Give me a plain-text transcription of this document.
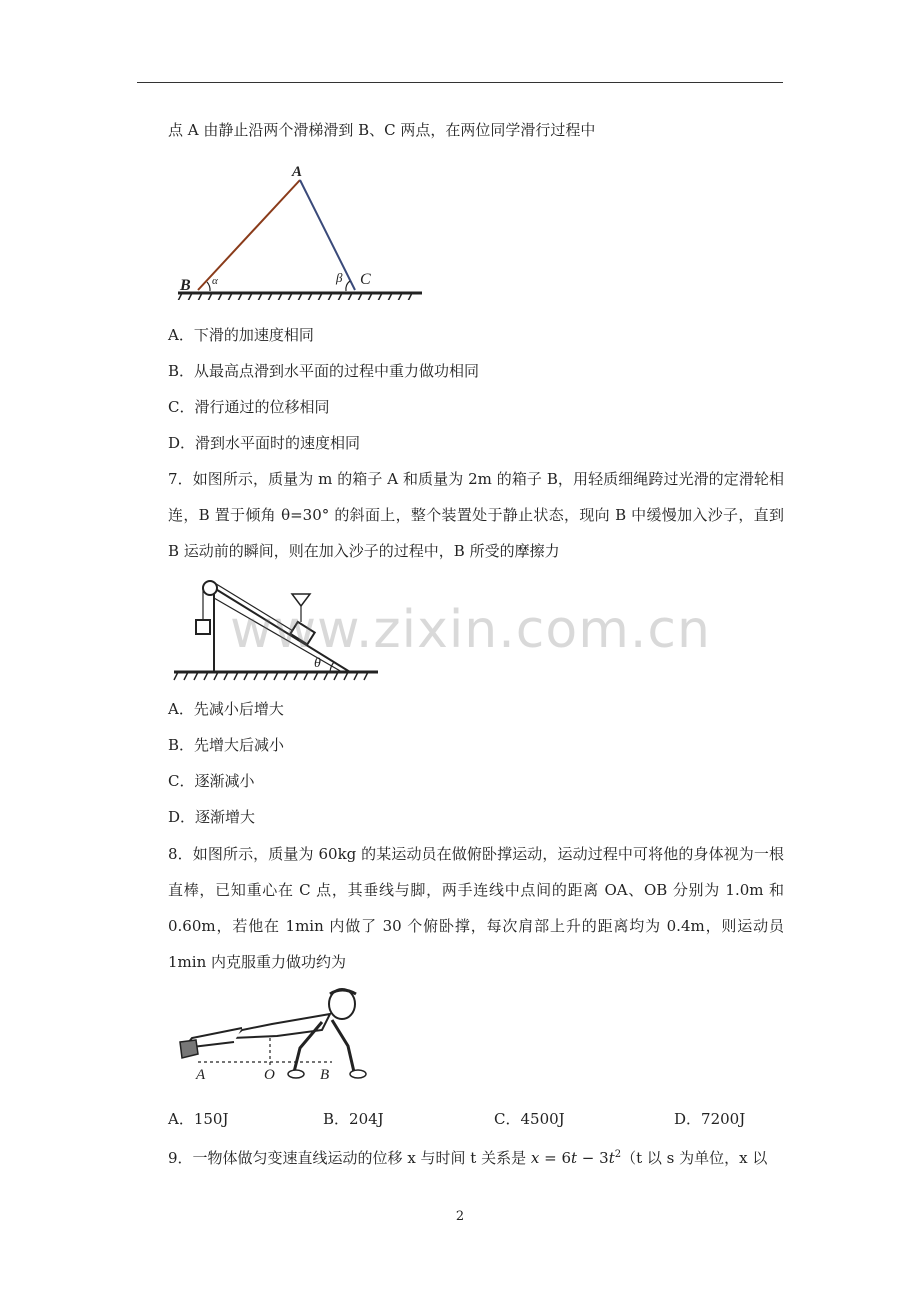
点 A 由静止沿两个滑梯滑到 B、C 两点，在两位同学滑行过程中
A
B α	β C
A．下滑的加速度相同
B．从最高点滑到水平面的过程中重力做功相同
C．滑行通过的位移相同
D．滑到水平面时的速度相同
7．如图所示，质量为 m 的箱子 A 和质量为 2m 的箱子 B，用轻质细绳跨过光滑的定滑轮相连，B 置于倾角 θ=30° 的斜面上，整个装置处于静止状态，现向 B 中缓慢加入沙子，直到 B 运动前的瞬间，则在加入沙子的过程中，B 所受的摩擦力
θ
www.zixin.com.cn
A．先减小后增大
B．先增大后减小
C．逐渐减小
D．逐渐增大
8．如图所示，质量为 60kg 的某运动员在做俯卧撑运动，运动过程中可将他的身体视为一根直棒，已知重心在 C 点，其垂线与脚，两手连线中点间的距离 OA、OB 分别为 1.0m 和 0.60m，若他在 1min 内做了 30 个俯卧撑，每次肩部上升的距离均为 0.4m，则运动员 1min 内克服重力做功约为
A	O	B
A．150J	B．204J	C．4500J	D．7200J
9．一物体做匀变速直线运动的位移 x 与时间 t 关系是 $x = 6t - 3t^2(t$ 以 s 为单位，x 以
2
